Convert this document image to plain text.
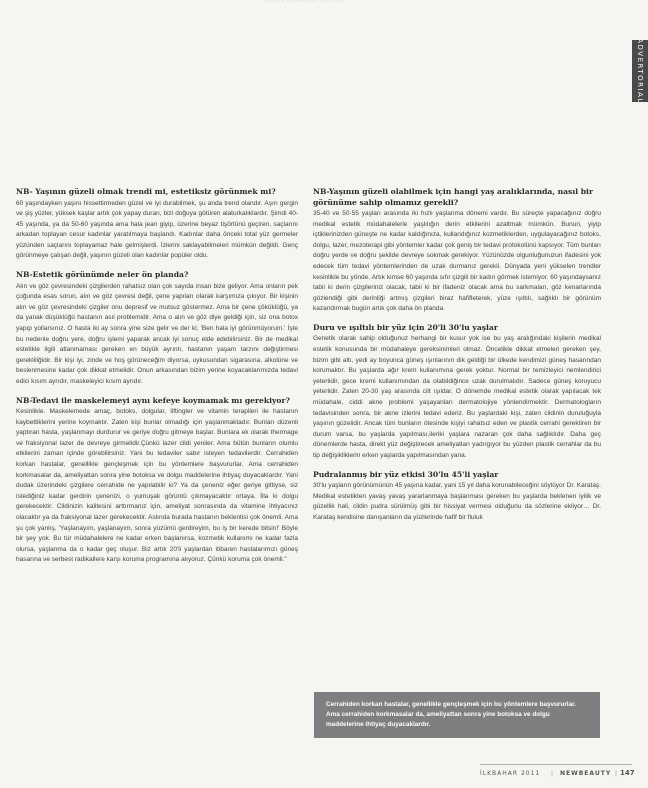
~~~~~ ~~~~~~~~ ~~~~~~
ADVERTORIAL
NB- Yaşının güzeli olmak trendi mi, estetiksiz görünmek mi?

60 yaşındayken yaşını hissettirmeden güzel ve iyi durabilmek, şu anda trend olandır. Aşırı gergin ve şiş yüzler, yüksek kaşlar artık çok yapay duran, bizi doğuya götüren alaturkalıklardır. Şimdi 40-45 yaşında, ya da 50-60 yaşında ama hala jean giyip, üzerine beyaz tişörtünü geçiren, saçlarını arkadan toplayan cesur kadınlar yaratılmaya başlandı. Kadınlar daha önceki total yüz germeler yüzünden saçlarını toplayamaz hale gelmişlerdi. İzlerini saklayabilmeleri mümkün değildi. Genç görünmeye çalışan değil, yaşının güzeli olan kadınlar popüler oldu.

NB-Estetik görünümde neler ön planda?

Alın ve göz çevresindeki çizgilerden rahatsız olan çok sayıda insan bize geliyor. Ama onların pek çoğunda esas sorun, alın ve göz çevresi değil, çene yapıları olarak karşımıza çıkıyor. Bir kişinin alın ve göz çevresindeki çizgiler onu depresif ve mutsuz göstermez. Ama bir çene çöküklüğü, ya da yanak düşüklüğü hastanın asıl problemidir. Ama o alın ve göz diye geldiği için, siz ona botox yapıp yollarsınız. O hasta iki ay sonra yine size gelir ve der ki; 'Ben hala iyi görünmüyorum.' İşte bu nedenle doğru yere, doğru işlemi yaparak ancak iyi sonuç elde edebilirsiniz. Bir de medikal estetikle ilgili atlanmaması gereken en büyük ayrıntı, hastanın yaşam tarzını değiştirmesi gerekliliğidir. Bir kişi iyi, zinde ve hoş görüneceğim diyorsa, uykusundan sigarasına, alkolüne ve beslenmesine kadar çok dikkat etmelidir. Onun arkasından bizim yerine koyacaklarımızda tedavi edici kısım ayrıdır, maskeleyici kısım ayrıdır.

NB-Tedavi ile maskelemeyi aynı kefeye koymamak mı gerekiyor?

Kesinlikle. Maskelemede amaç, botoks, dolgular, liftingler ve vitamin terapileri ile hastanın kaybettiklerini yerine koymaktır. Zaten kişi bunlar olmadığı için yaşlanmaktadır. Bunları düzenli yaptıran hasta, yaşlanmayı durdurur ve geriye doğru gitmeye başlar. Bunlara ek olarak thermage ve fraksiyonal lazer de devreye girmelidir.Çünkü lazer cildi yeniler. Ama bütün bunların olumlu etkilerini zaman içinde görebilirsiniz. Yani bu tedaviler sabır isteyen tedavilerdir. Cerrahiden korkan hastalar, genellikle gençleşmek için bu yöntemlere başvururlar. Ama cerrahiden korkmasalar da, ameliyattan sonra yine botoksa ve dolgu maddelerine ihtiyaç duyacaklardır. Yani dudak üzerindeki çizgilere cerrahide ne yapılabilir ki? Ya da çeneniz eğer geriye gittiyse, siz istediğiniz kadar gerdirin çenenizi, o yumuşak görüntü çıkmayacaktır ortaya. İlla ki dolgu gerekecektir. Cildinizin kalitesini arttırmanız için, ameliyat sonrasında da vitamine ihtiyacınız olacaktır ya da fraksiyonal lazer gerekecektir. Aslında burada hastanın beklentisi çok önemli. Ama şu çok yanlış, 'Yaşlanayım, yaşlanayım, sonra yüzümü gerdireyim, bu iş bir kerede bitsin!' Böyle bir şey yok. Bu tür müdahalelere ne kadar erken başlanırsa, kozmetik kullanımı ne kadar fazla olursa, yaşlanma da o kadar geç oluşur. Biz artık 20'li yaşlardan itibaren hastalarımızı güneş hasarına ve serbest radikallere karşı koruma programına alıyoruz. Çünkü koruma çok önemli."

NB-Yaşının güzeli olabilmek için hangi yaş aralıklarında, nasıl bir görünüme sahip olmamız gerekli?

35-40 ve 50-55 yaşları arasında iki hızlı yaşlanma dönemi vardır. Bu süreçte yapacağınız doğru medikal estetik müdahalelerle yaşlılığın derin etkilerini azaltmak mümkün. Bunun, yiyip içtiklerinizden güneşte ne kadar kaldığınıza, kullandığınız kozmetiklerden, uygulayacağınız botoks, dolgu, lazer, mezoterapi gibi yöntemler kadar çok geniş bir tedavi protokolünü kapsıyor. Tüm bunları doğru yerde ve doğru şekilde devreye sokmak gerekiyor. Yüzünüzde olgunluğunuzun ifadesini yok edecek tüm tedavi yöntemlerinden de uzak durmanız gerekli. Dünyada yeni yükselen trendler kesinlikle bu yönde. Artık kimse 60 yaşında sıfır çizgili bir kadın görmek istemiyor. 60 yaşındaysanız tabii ki derin çizgileriniz olacak, tabii ki bir ifadeniz olacak ama bu sarkmaları, göz kenarlarında gözlendiği gibi derinliği artmış çizgileri biraz hafifleterek, yüze ışıltılı, sağlıklı bir görünüm kazandırmak bugün artık çok daha ön planda.

Duru ve ışıltılı bir yüz için 20'li 30'lu yaşlar

Genetik olarak sahip olduğunuz herhangi bir kusur yok ise bu yaş aralığındaki kişilerin medikal estetik konusunda bir müdahaleye gereksinimleri olmaz. Öncelikle dikkat etmeleri gereken şey, bizim gibi altı, yedi ay boyunca güneş ışınlarının dik geldiği bir ülkede kendimizi güneş hasarından korumaktır. Bu yaşlarda ağır krem kullanımına gerek yoktur. Normal bir temizleyici nemlendirici yeterlidir, gece kremi kullanımından da olabildiğince uzak durulmalıdır. Sadece güneş koruyucu yeterlidir. Zaten 20-30 yaş arasında cilt ışıldar. O dönemde medikal estetik olarak yapılacak tek müdahale, ciddi akne problemi yaşayanları dermatolojiye yönlendirmektir. Dermatologların tedavisinden sonra, bir akne izlerini tedavi ederiz. Bu yaşlardaki kişi, zaten cildinin duruluğuyla yaşının güzelidir. Ancak tüm bunların ötesinde kişiyi rahatsız eden ve plastik cerrahi gerektiren bir durum varsa, bu yaşlarda yapılması,ileriki yaşlara nazaran çok daha sağlıklıdır. Daha geç dönemlerde hasta, direkt yüz değiştirecek ameliyatları yadırgıyor bu yüzden plastik cerrahlar da bu tip değişikliklerin erken yaşlarda yapılmasından yana.

Pudralanmış bir yüz etkisi 30'lu 45'li yaşlar

30'lu yaşların görünümünün 45 yaşına kadar, yani 15 yıl daha korunabileceğini söylüyor Dr. Karataş. Medikal estetikten yavaş yavaş yararlanmaya başlanması gereken bu yaşlarda beklenen iyilik ve güzellik hali, cildin pudra sürülmüş gibi bir hissiyat vermesi olduğunu da sözlerine ekliyor… Dr. Karataş kendisine danışanların da yüzlerinde hafif bir fluluk

Cerrahiden korkan hastalar, genellikle gençleşmek için bu yöntemlere başvururlar. Ama cerrahiden korkmasalar da, ameliyattan sonra yine botoksa ve dolgu maddelerine ihtiyaç duyacaklardır.

İLKBAHAR 2011 | NEWBEAUTY | 147
